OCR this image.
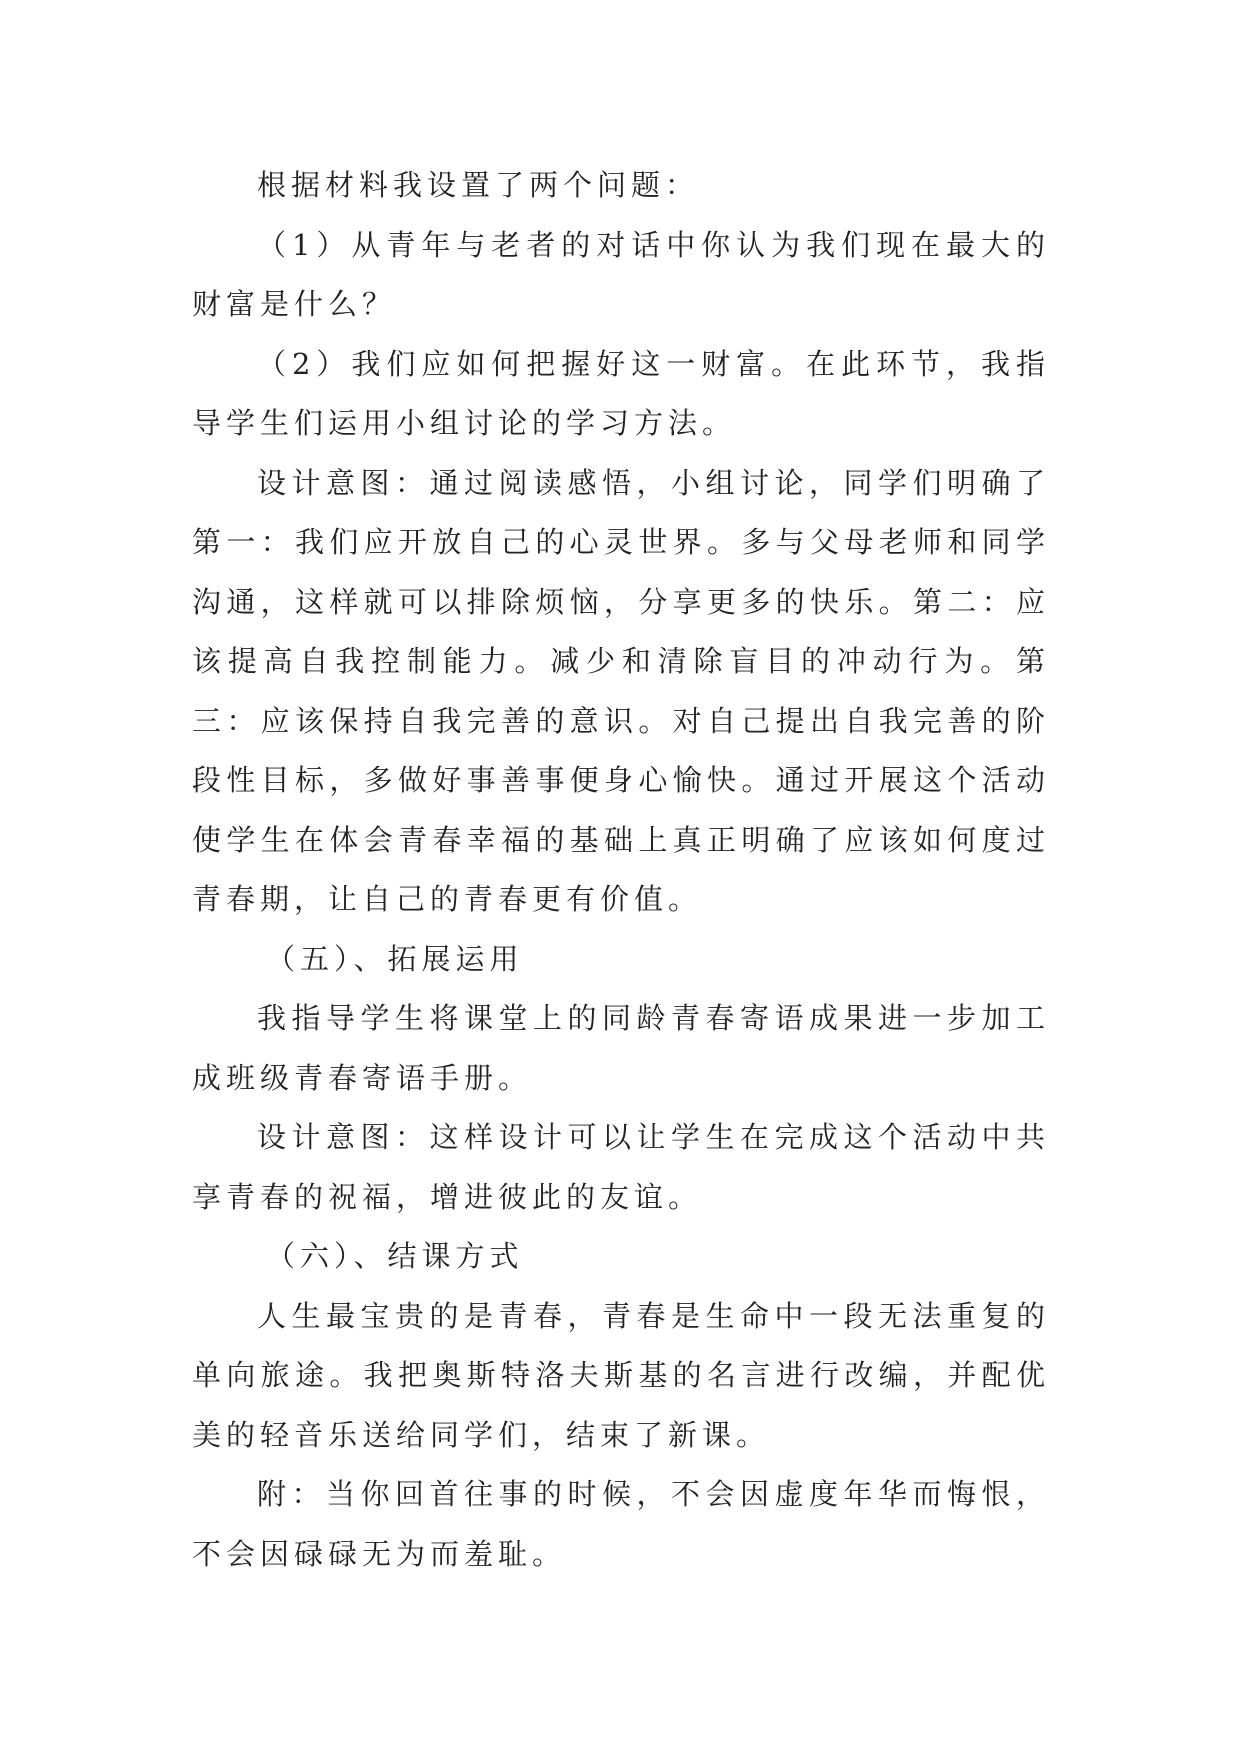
根据材料我设置了两个问题：

（1）从青年与老者的对话中你认为我们现在最大的财富是什么？

（2）我们应如何把握好这一财富。在此环节，我指导学生们运用小组讨论的学习方法。

设计意图：通过阅读感悟，小组讨论，同学们明确了第一：我们应开放自己的心灵世界。多与父母老师和同学沟通，这样就可以排除烦恼，分享更多的快乐。第二：应该提高自我控制能力。减少和清除盲目的冲动行为。第三：应该保持自我完善的意识。对自己提出自我完善的阶段性目标，多做好事善事便身心愉快。通过开展这个活动使学生在体会青春幸福的基础上真正明确了应该如何度过青春期，让自己的青春更有价值。

（五）、拓展运用

我指导学生将课堂上的同龄青春寄语成果进一步加工成班级青春寄语手册。

设计意图：这样设计可以让学生在完成这个活动中共享青春的祝福，增进彼此的友谊。

（六）、结课方式

人生最宝贵的是青春，青春是生命中一段无法重复的单向旅途。我把奥斯特洛夫斯基的名言进行改编，并配优美的轻音乐送给同学们，结束了新课。

附：当你回首往事的时候，不会因虚度年华而悔恨，不会因碌碌无为而羞耻。
